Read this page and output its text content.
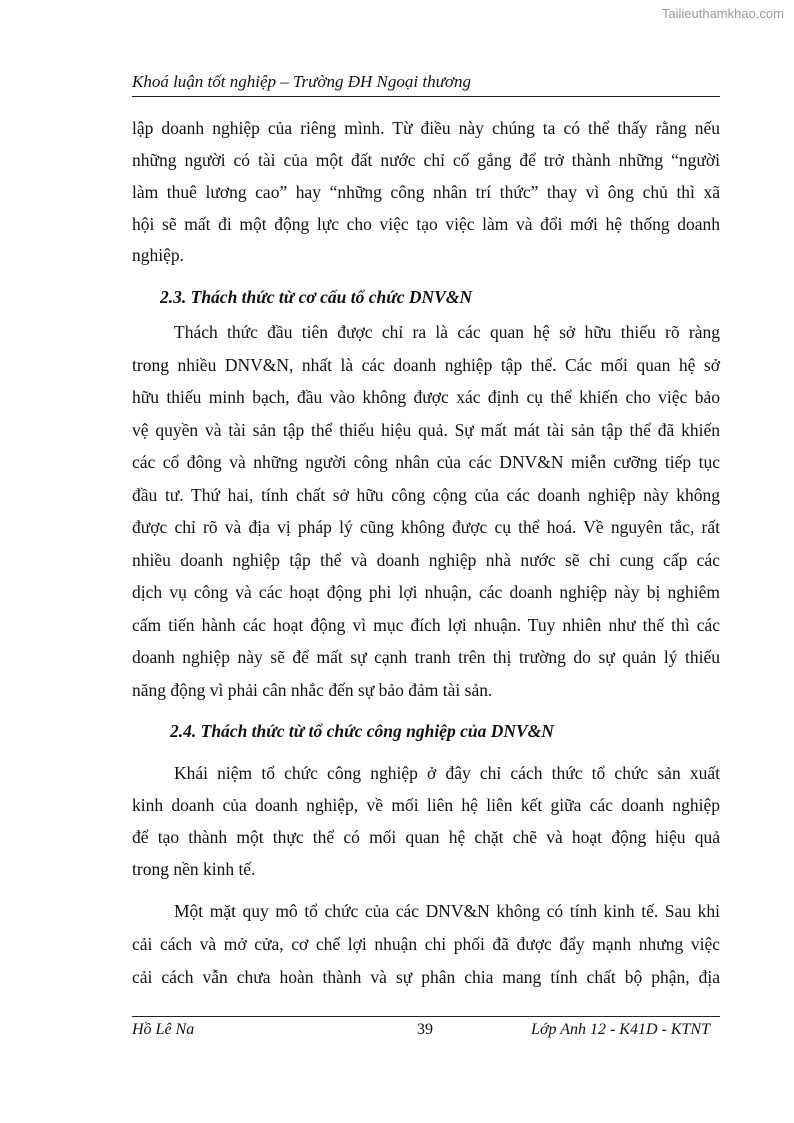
Tailieuthamkhao.com
Khoá luận tốt nghiệp – Trường ĐH Ngoại thương
lập doanh nghiệp của riêng mình. Từ điều này chúng ta có thể thấy rằng nếu
những người có tài của một đất nước chỉ cố gắng để trở thành những “người
làm thuê lương cao” hay “những công nhân trí thức” thay vì ông chủ thì xã
hội sẽ mất đi một động lực cho việc tạo việc làm và đổi mới hệ thống doanh
nghiệp.
2.3. Thách thức từ cơ cấu tổ chức DNV&N
Thách thức đầu tiên được chỉ ra là các quan hệ sở hữu thiếu rõ ràng
trong nhiều DNV&N, nhất là các doanh nghiệp tập thể. Các mối quan hệ sở
hữu thiếu minh bạch, đầu vào không được xác định cụ thể khiến cho việc bảo
vệ quyền và tài sản tập thể thiếu hiệu quả. Sự mất mát tài sản tập thể đã khiến
các cổ đông và những người công nhân của các DNV&N miễn cưỡng tiếp tục
đầu tư. Thứ hai, tính chất sở hữu công cộng của các doanh nghiệp này không
được chỉ rõ và địa vị pháp lý cũng không được cụ thể hoá. Về nguyên tắc, rất
nhiều doanh nghiệp tập thể và doanh nghiệp nhà nước sẽ chỉ cung cấp các
dịch vụ công và các hoạt động phi lợi nhuận, các doanh nghiệp này bị nghiêm
cấm tiến hành các hoạt động vì mục đích lợi nhuận. Tuy nhiên như thế thì các
doanh nghiệp này sẽ để mất sự cạnh tranh trên thị trường do sự quản lý thiếu
năng động vì phải cân nhắc đến sự bảo đảm tài sản.
2.4. Thách thức từ tổ chức công nghiệp của DNV&N
Khái niệm tổ chức công nghiệp ở đây chỉ cách thức tổ chức sản xuất
kinh doanh của doanh nghiệp, về mối liên hệ liên kết giữa các doanh nghiệp
để tạo thành một thực thể có mối quan hệ chặt chẽ và hoạt động hiệu quả
trong nền kinh tế.
Một mặt quy mô tổ chức của các DNV&N không có tính kinh tế. Sau khi
cải cách và mở cửa, cơ chế lợi nhuận chi phối đã được đẩy mạnh nhưng việc
cải cách vẫn chưa hoàn thành và sự phân chia mang tính chất bộ phận, địa
Hồ Lê Na	39	Lớp Anh 12 - K41D - KTNT
